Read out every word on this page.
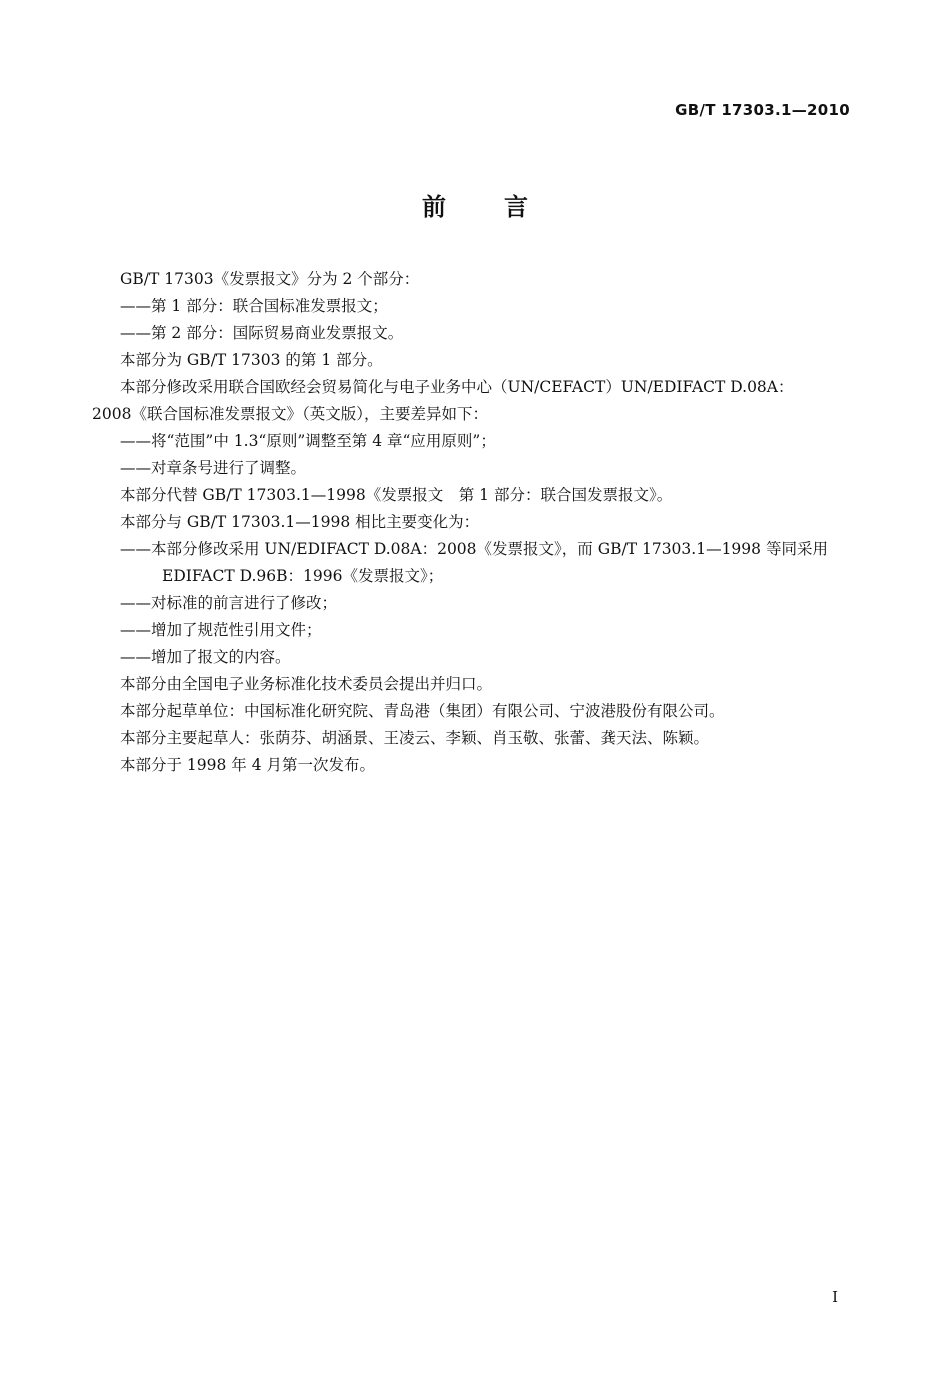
GB/T 17303.1—2010
前 言
GB/T 17303《发票报文》分为 2 个部分：
——第 1 部分：联合国标准发票报文；
——第 2 部分：国际贸易商业发票报文。
本部分为 GB/T 17303 的第 1 部分。
本部分修改采用联合国欧经会贸易简化与电子业务中心（UN/CEFACT）UN/EDIFACT D.08A：
2008《联合国标准发票报文》（英文版），主要差异如下：
——将“范围”中 1.3“原则”调整至第 4 章“应用原则”；
——对章条号进行了调整。
本部分代替 GB/T 17303.1—1998《发票报文　第 1 部分：联合国发票报文》。
本部分与 GB/T 17303.1—1998 相比主要变化为：
——本部分修改采用 UN/EDIFACT D.08A：2008《发票报文》，而 GB/T 17303.1—1998 等同采用
EDIFACT D.96B：1996《发票报文》；
——对标准的前言进行了修改；
——增加了规范性引用文件；
——增加了报文的内容。
本部分由全国电子业务标准化技术委员会提出并归口。
本部分起草单位：中国标准化研究院、青岛港（集团）有限公司、宁波港股份有限公司。
本部分主要起草人：张荫芬、胡涵景、王凌云、李颖、肖玉敬、张蕾、龚天法、陈颖。
本部分于 1998 年 4 月第一次发布。
I
